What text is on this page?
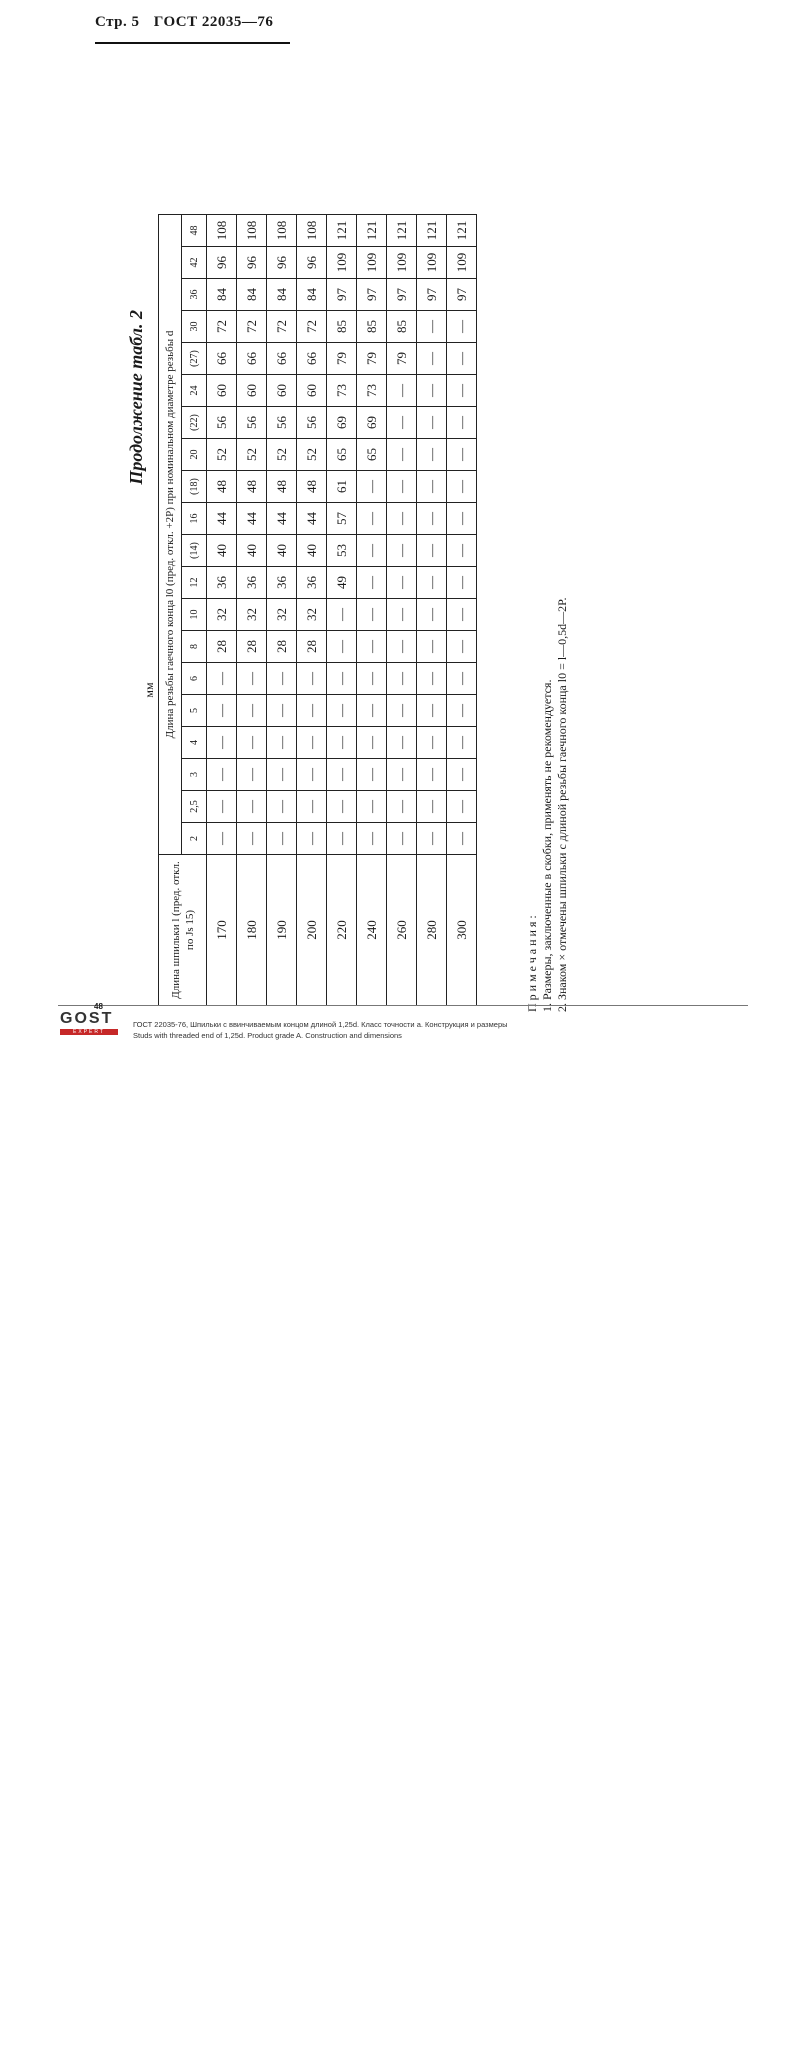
Стр. 5 ГОСТ 22035—76
Продолжение табл. 2
мм
Длина шпильки l (пред. откл. по Js 15)	Длина резьбы гаечного конца l0 (пред. откл. +2P) при номинальном диаметре резьбы d																			
	2	2,5	3	4	5	6	8	10	12	(14)	16	(18)	20	(22)	24	(27)	30	36	42	48
170	—	—	—	—	—	—	28	32	36	40	44	48	52	56	60	66	72	84	96	108
180	—	—	—	—	—	—	28	32	36	40	44	48	52	56	60	66	72	84	96	108
190	—	—	—	—	—	—	28	32	36	40	44	48	52	56	60	66	72	84	96	108
200	—	—	—	—	—	—	28	32	36	40	44	48	52	56	60	66	72	84	96	108
220	—	—	—	—	—	—	—	—	49	53	57	61	65	69	73	79	85	97	109	121
240	—	—	—	—	—	—	—	—	—	—	—	—	65	69	73	79	85	97	109	121
260	—	—	—	—	—	—	—	—	—	—	—	—	—	—	—	79	85	97	109	121
280	—	—	—	—	—	—	—	—	—	—	—	—	—	—	—	—	—	97	109	121
300	—	—	—	—	—	—	—	—	—	—	—	—	—	—	—	—	—	97	109	121
Примечания: 1. Размеры, заключенные в скобки, применять не рекомендуется. 2. Знаком × отмечены шпильки с длиной резьбы гаечного конца l0 = l—0,5d—2P.
GOST
48
EXPERT
ГОСТ 22035-76, Шпильки с ввинчиваемым концом длиной 1,25d. Класс точности а. Конструкция и размеры
Studs with threaded end of 1,25d. Product grade A. Construction and dimensions
